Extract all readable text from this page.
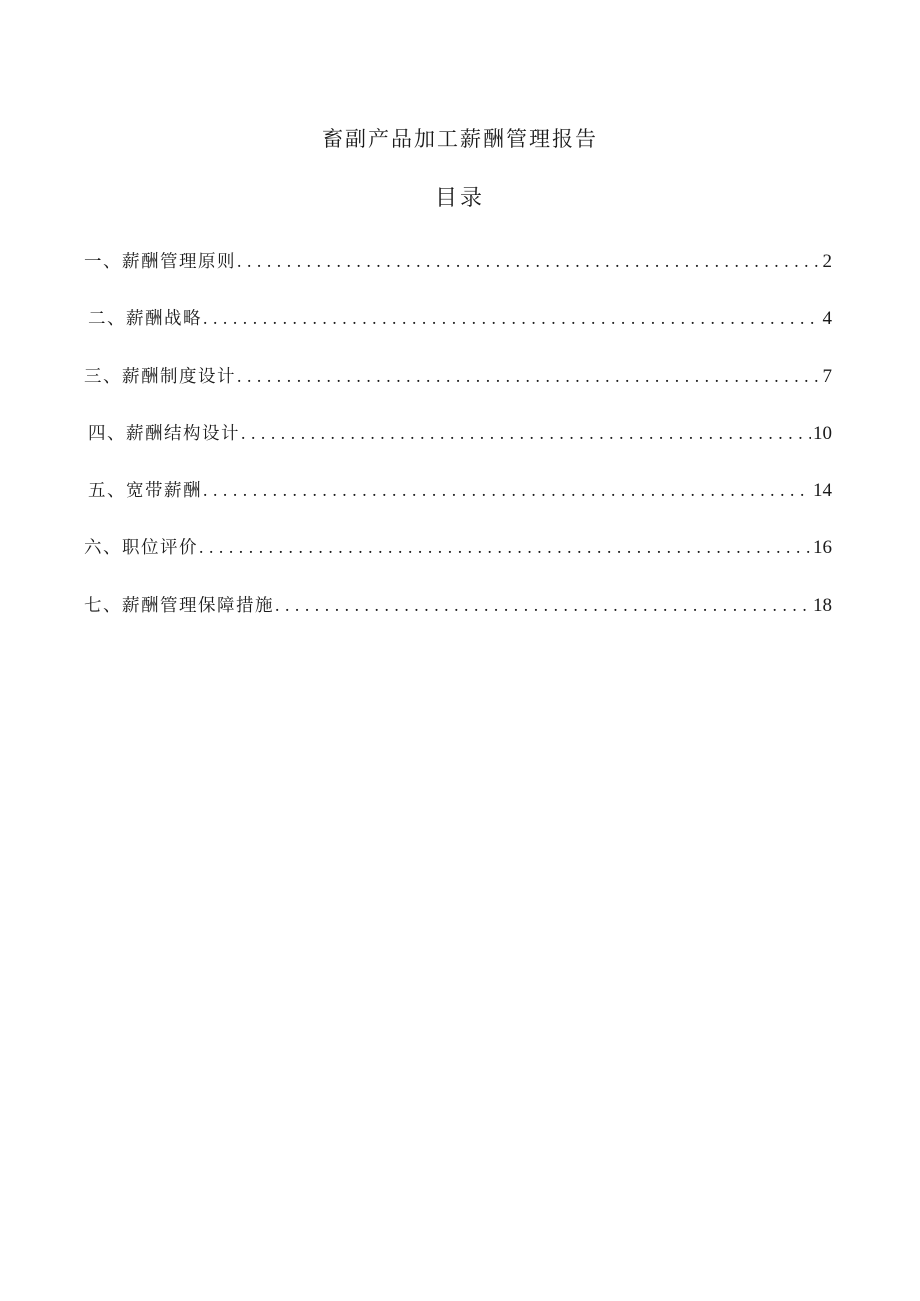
畜副产品加工薪酬管理报告
目录
一、薪酬管理原则 . . .	2
二、薪酬战略 . . .	4
三、薪酬制度设计 . . .	7
四、薪酬结构设计 . . .	10
五、宽带薪酬 . . .	14
六、职位评价 . . .	16
七、薪酬管理保障措施 . . .	18
